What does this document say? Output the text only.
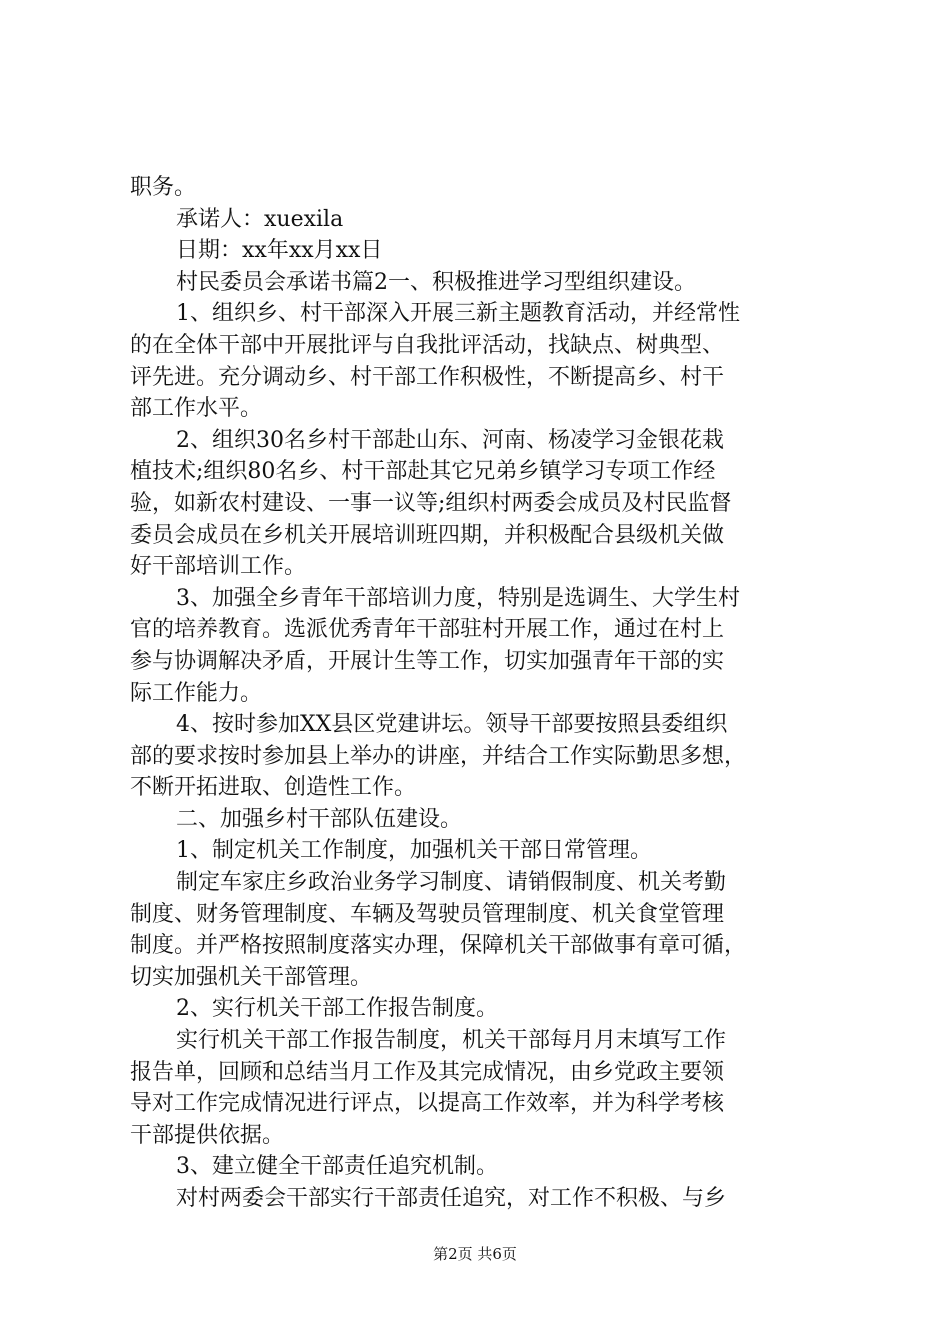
职务。
承诺人：xuexila
日期：xx年xx月xx日
村民委员会承诺书篇2一、积极推进学习型组织建设。
1、组织乡、村干部深入开展三新主题教育活动，并经常性
的在全体干部中开展批评与自我批评活动，找缺点、树典型、
评先进。充分调动乡、村干部工作积极性，不断提高乡、村干
部工作水平。
2、组织30名乡村干部赴山东、河南、杨凌学习金银花栽
植技术;组织80名乡、村干部赴其它兄弟乡镇学习专项工作经
验，如新农村建设、一事一议等;组织村两委会成员及村民监督
委员会成员在乡机关开展培训班四期，并积极配合县级机关做
好干部培训工作。
3、加强全乡青年干部培训力度，特别是选调生、大学生村
官的培养教育。选派优秀青年干部驻村开展工作，通过在村上
参与协调解决矛盾，开展计生等工作，切实加强青年干部的实
际工作能力。
4、按时参加XX县区党建讲坛。领导干部要按照县委组织
部的要求按时参加县上举办的讲座，并结合工作实际勤思多想，
不断开拓进取、创造性工作。
二、加强乡村干部队伍建设。
1、制定机关工作制度，加强机关干部日常管理。
制定车家庄乡政治业务学习制度、请销假制度、机关考勤
制度、财务管理制度、车辆及驾驶员管理制度、机关食堂管理
制度。并严格按照制度落实办理，保障机关干部做事有章可循，
切实加强机关干部管理。
2、实行机关干部工作报告制度。
实行机关干部工作报告制度，机关干部每月月末填写工作
报告单，回顾和总结当月工作及其完成情况，由乡党政主要领
导对工作完成情况进行评点，以提高工作效率，并为科学考核
干部提供依据。
3、建立健全干部责任追究机制。
对村两委会干部实行干部责任追究，对工作不积极、与乡
第2页 共6页
